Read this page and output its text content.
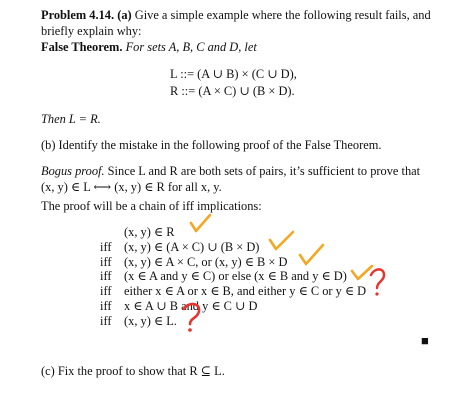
Problem 4.14. (a) Give a simple example where the following result fails, and
briefly explain why:
False Theorem. For sets A, B, C and D, let
L ::= (A ∪ B) × (C ∪ D),
R ::= (A × C) ∪ (B × D).
Then L = R.
(b) Identify the mistake in the following proof of the False Theorem.
Bogus proof. Since L and R are both sets of pairs, it’s sufficient to prove that
(x, y) ∈ L ⟷ (x, y) ∈ R for all x, y.
The proof will be a chain of iff implications:
(x, y) ∈ R
iff	(x, y) ∈ (A × C) ∪ (B × D)
iff	(x, y) ∈ A × C, or (x, y) ∈ B × D
iff	(x ∈ A and y ∈ C) or else (x ∈ B and y ∈ D)
iff	either x ∈ A or x ∈ B, and either y ∈ C or y ∈ D
iff	x ∈ A ∪ B and y ∈ C ∪ D
iff	(x, y) ∈ L.
■
(c) Fix the proof to show that R ⊆ L.
